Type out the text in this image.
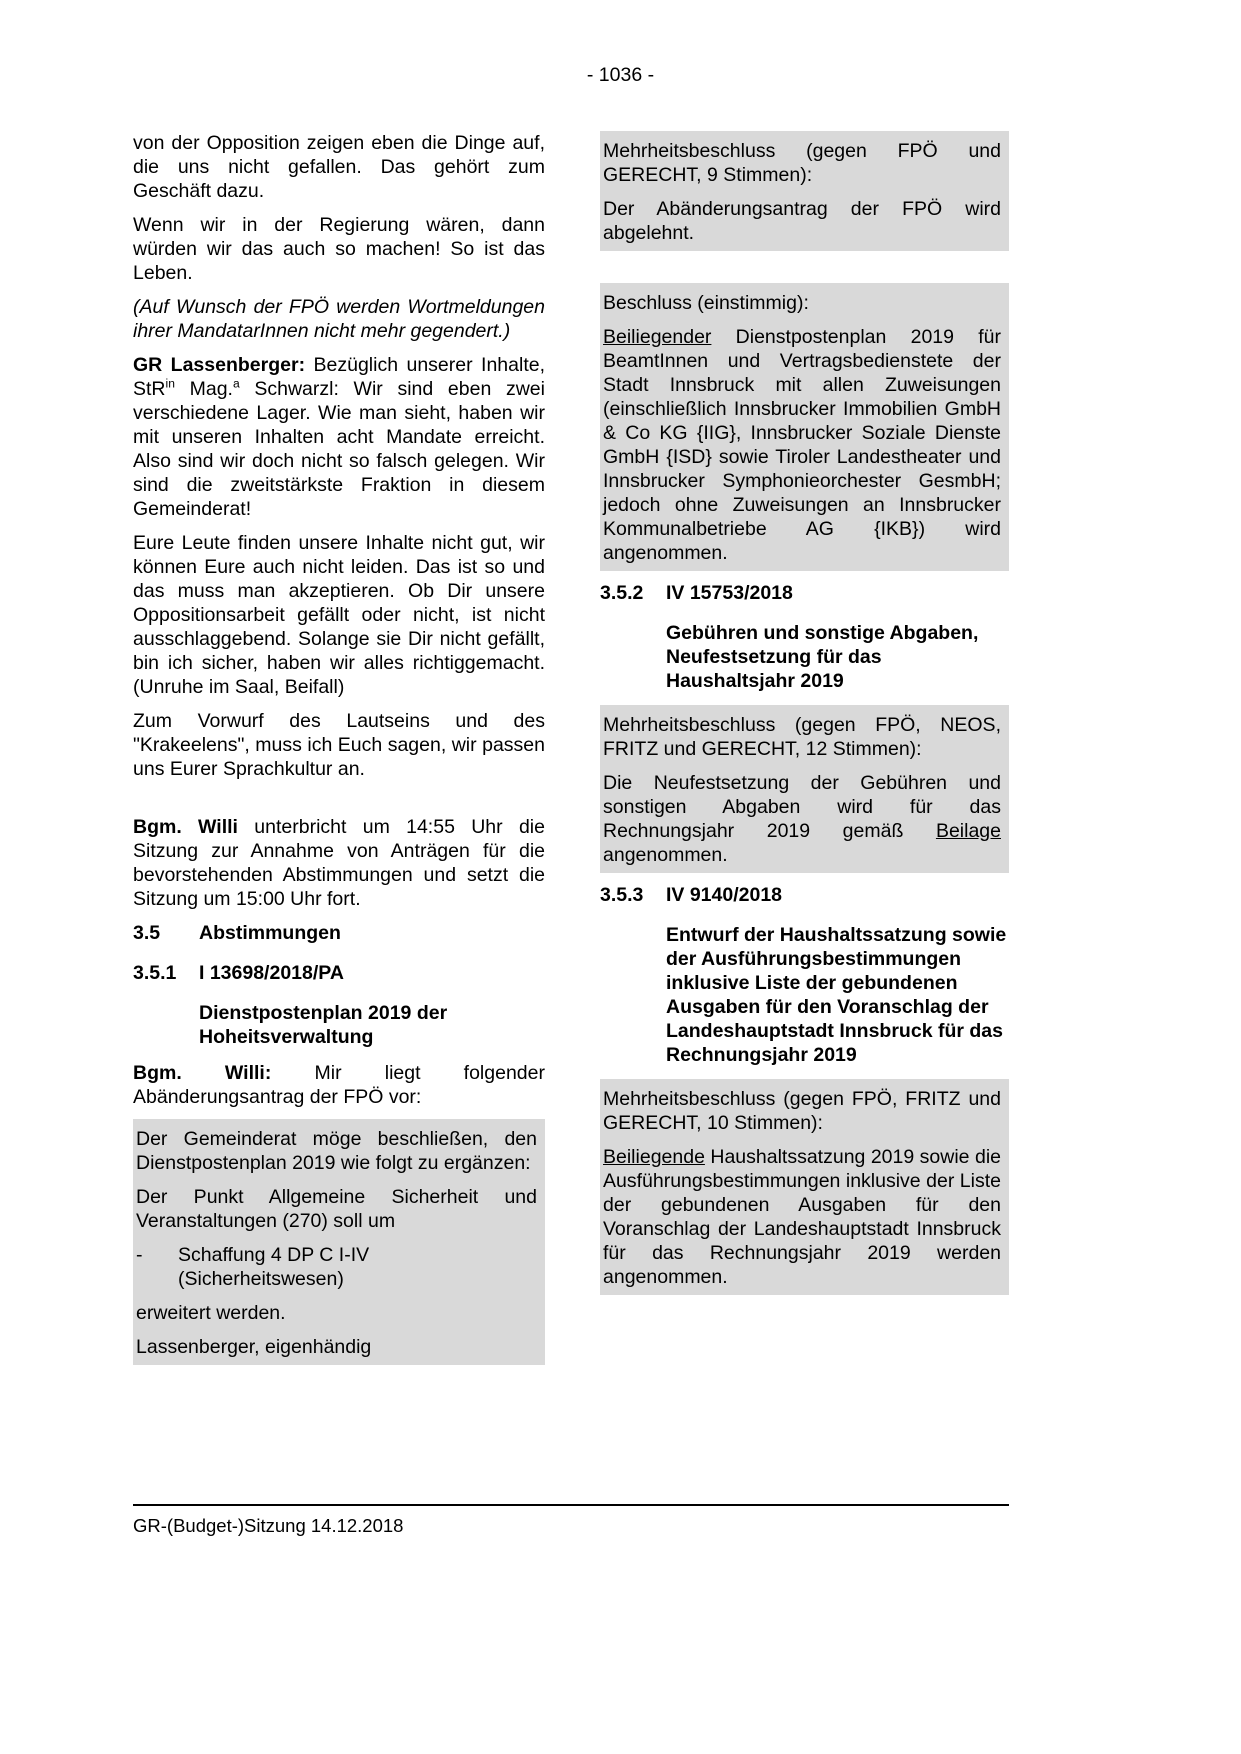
- 1036 -

von der Opposition zeigen eben die Dinge auf, die uns nicht gefallen. Das gehört zum Geschäft dazu.

Wenn wir in der Regierung wären, dann würden wir das auch so machen! So ist das Leben.

(Auf Wunsch der FPÖ werden Wortmeldungen ihrer MandatarInnen nicht mehr gegendert.)

GR Lassenberger: Bezüglich unserer Inhalte, StR$^{in}$ Mag.$^a$ Schwarzl: Wir sind eben zwei verschiedene Lager. Wie man sieht, haben wir mit unseren Inhalten acht Mandate erreicht. Also sind wir doch nicht so falsch gelegen. Wir sind die zweitstärkste Fraktion in diesem Gemeinderat!

Eure Leute finden unsere Inhalte nicht gut, wir können Eure auch nicht leiden. Das ist so und das muss man akzeptieren. Ob Dir unsere Oppositionsarbeit gefällt oder nicht, ist nicht ausschlaggebend. Solange sie Dir nicht gefällt, bin ich sicher, haben wir alles richtiggemacht. (Unruhe im Saal, Beifall)

Zum Vorwurf des Lautseins und des "Krakeelens", muss ich Euch sagen, wir passen uns Eurer Sprachkultur an.

Bgm. Willi unterbricht um 14:55 Uhr die Sitzung zur Annahme von Anträgen für die bevorstehenden Abstimmungen und setzt die Sitzung um 15:00 Uhr fort.

3.5	Abstimmungen
3.5.1	I 13698/2018/PA
Dienstpostenplan 2019 der Hoheitsverwaltung

Bgm. Willi: Mir liegt folgender Abänderungsantrag der FPÖ vor:

Der Gemeinderat möge beschließen, den Dienstpostenplan 2019 wie folgt zu ergänzen:

Der Punkt Allgemeine Sicherheit und Veranstaltungen (270) soll um

-	Schaffung 4 DP C I-IV
(Sicherheitswesen)

erweitert werden.

Lassenberger, eigenhändig

Mehrheitsbeschluss (gegen FPÖ und GERECHT, 9 Stimmen):

Der Abänderungsantrag der FPÖ wird abgelehnt.

Beschluss (einstimmig):

Beiliegender Dienstpostenplan 2019 für BeamtInnen und Vertragsbedienstete der Stadt Innsbruck mit allen Zuweisungen (einschließlich Innsbrucker Immobilien GmbH & Co KG {IIG}, Innsbrucker Soziale Dienste GmbH {ISD} sowie Tiroler Landestheater und Innsbrucker Symphonieorchester GesmbH; jedoch ohne Zuweisungen an Innsbrucker Kommunalbetriebe AG {IKB}) wird angenommen.

3.5.2	IV 15753/2018
Gebühren und sonstige Abgaben, Neufestsetzung für das Haushaltsjahr 2019

Mehrheitsbeschluss (gegen FPÖ, NEOS, FRITZ und GERECHT, 12 Stimmen):

Die Neufestsetzung der Gebühren und sonstigen Abgaben wird für das Rechnungsjahr 2019 gemäß Beilage angenommen.

3.5.3	IV 9140/2018
Entwurf der Haushaltssatzung sowie der Ausführungsbestimmungen inklusive Liste der gebundenen Ausgaben für den Voranschlag der Landeshauptstadt Innsbruck für das Rechnungsjahr 2019

Mehrheitsbeschluss (gegen FPÖ, FRITZ und GERECHT, 10 Stimmen):

Beiliegende Haushaltssatzung 2019 sowie die Ausführungsbestimmungen inklusive der Liste der gebundenen Ausgaben für den Voranschlag der Landeshauptstadt Innsbruck für das Rechnungsjahr 2019 werden angenommen.

GR-(Budget-)Sitzung 14.12.2018
